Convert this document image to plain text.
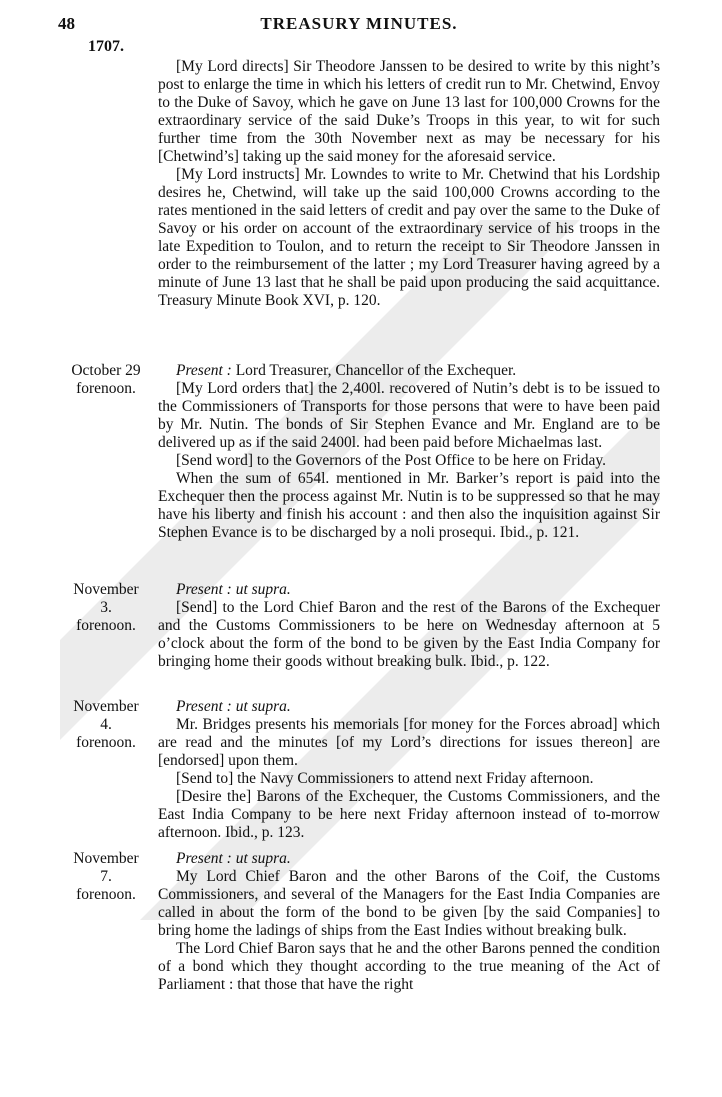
48	TREASURY MINUTES.
1707.

[My Lord directs] Sir Theodore Janssen to be desired to write by this night’s post to enlarge the time in which his letters of credit run to Mr. Chetwind, Envoy to the Duke of Savoy, which he gave on June 13 last for 100,000 Crowns for the extraordinary service of the said Duke’s Troops in this year, to wit for such further time from the 30th November next as may be necessary for his [Chetwind’s] taking up the said money for the aforesaid service.

[My Lord instructs] Mr. Lowndes to write to Mr. Chetwind that his Lordship desires he, Chetwind, will take up the said 100,000 Crowns according to the rates mentioned in the said letters of credit and pay over the same to the Duke of Savoy or his order on account of the extraordinary service of his troops in the late Expedition to Toulon, and to return the receipt to Sir Theodore Janssen in order to the reimbursement of the latter ; my Lord Treasurer having agreed by a minute of June 13 last that he shall be paid upon producing the said acquittance. Treasury Minute Book XVI, p. 120.

October 29
forenoon.

Present : Lord Treasurer, Chancellor of the Exchequer.

[My Lord orders that] the 2,400l. recovered of Nutin’s debt is to be issued to the Commissioners of Transports for those persons that were to have been paid by Mr. Nutin. The bonds of Sir Stephen Evance and Mr. England are to be delivered up as if the said 2400l. had been paid before Michaelmas last.

[Send word] to the Governors of the Post Office to be here on Friday.

When the sum of 654l. mentioned in Mr. Barker’s report is paid into the Exchequer then the process against Mr. Nutin is to be suppressed so that he may have his liberty and finish his account : and then also the inquisition against Sir Stephen Evance is to be discharged by a noli prosequi. Ibid., p. 121.

November
3.
forenoon.

Present : ut supra.

[Send] to the Lord Chief Baron and the rest of the Barons of the Exchequer and the Customs Commissioners to be here on Wednesday afternoon at 5 o’clock about the form of the bond to be given by the East India Company for bringing home their goods without breaking bulk. Ibid., p. 122.

November
4.
forenoon.

Present : ut supra.

Mr. Bridges presents his memorials [for money for the Forces abroad] which are read and the minutes [of my Lord’s directions for issues thereon] are [endorsed] upon them.

[Send to] the Navy Commissioners to attend next Friday afternoon.

[Desire the] Barons of the Exchequer, the Customs Commissioners, and the East India Company to be here next Friday afternoon instead of to-morrow afternoon. Ibid., p. 123.

November
7.
forenoon.

Present : ut supra.

My Lord Chief Baron and the other Barons of the Coif, the Customs Commissioners, and several of the Managers for the East India Companies are called in about the form of the bond to be given [by the said Companies] to bring home the ladings of ships from the East Indies without breaking bulk.

The Lord Chief Baron says that he and the other Barons penned the condition of a bond which they thought according to the true meaning of the Act of Parliament : that those that have the right
